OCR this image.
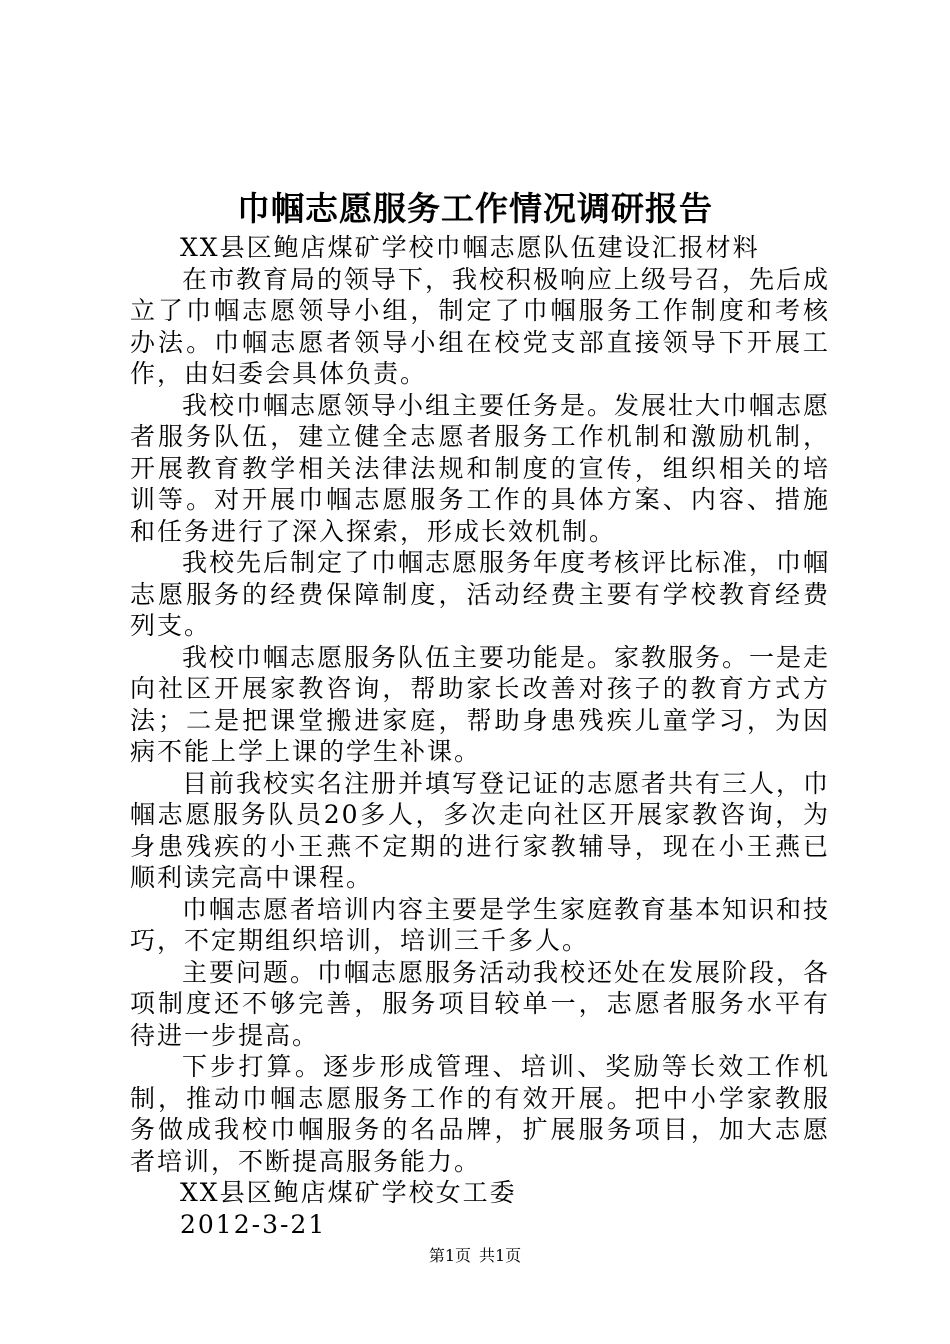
巾帼志愿服务工作情况调研报告

XX县区鲍店煤矿学校巾帼志愿队伍建设汇报材料

在市教育局的领导下，我校积极响应上级号召，先后成立了巾帼志愿领导小组，制定了巾帼服务工作制度和考核办法。巾帼志愿者领导小组在校党支部直接领导下开展工作，由妇委会具体负责。

我校巾帼志愿领导小组主要任务是。发展壮大巾帼志愿者服务队伍，建立健全志愿者服务工作机制和激励机制，开展教育教学相关法律法规和制度的宣传，组织相关的培训等。对开展巾帼志愿服务工作的具体方案、内容、措施和任务进行了深入探索，形成长效机制。

我校先后制定了巾帼志愿服务年度考核评比标准，巾帼志愿服务的经费保障制度，活动经费主要有学校教育经费列支。

我校巾帼志愿服务队伍主要功能是。家教服务。一是走向社区开展家教咨询，帮助家长改善对孩子的教育方式方法；二是把课堂搬进家庭，帮助身患残疾儿童学习，为因病不能上学上课的学生补课。

目前我校实名注册并填写登记证的志愿者共有三人，巾帼志愿服务队员20多人，多次走向社区开展家教咨询，为身患残疾的小王燕不定期的进行家教辅导，现在小王燕已顺利读完高中课程。

巾帼志愿者培训内容主要是学生家庭教育基本知识和技巧，不定期组织培训，培训三千多人。

主要问题。巾帼志愿服务活动我校还处在发展阶段，各项制度还不够完善，服务项目较单一，志愿者服务水平有待进一步提高。

下步打算。逐步形成管理、培训、奖励等长效工作机制，推动巾帼志愿服务工作的有效开展。把中小学家教服务做成我校巾帼服务的名品牌，扩展服务项目，加大志愿者培训，不断提高服务能力。

XX县区鲍店煤矿学校女工委

2012-3-21

第1页 共1页
